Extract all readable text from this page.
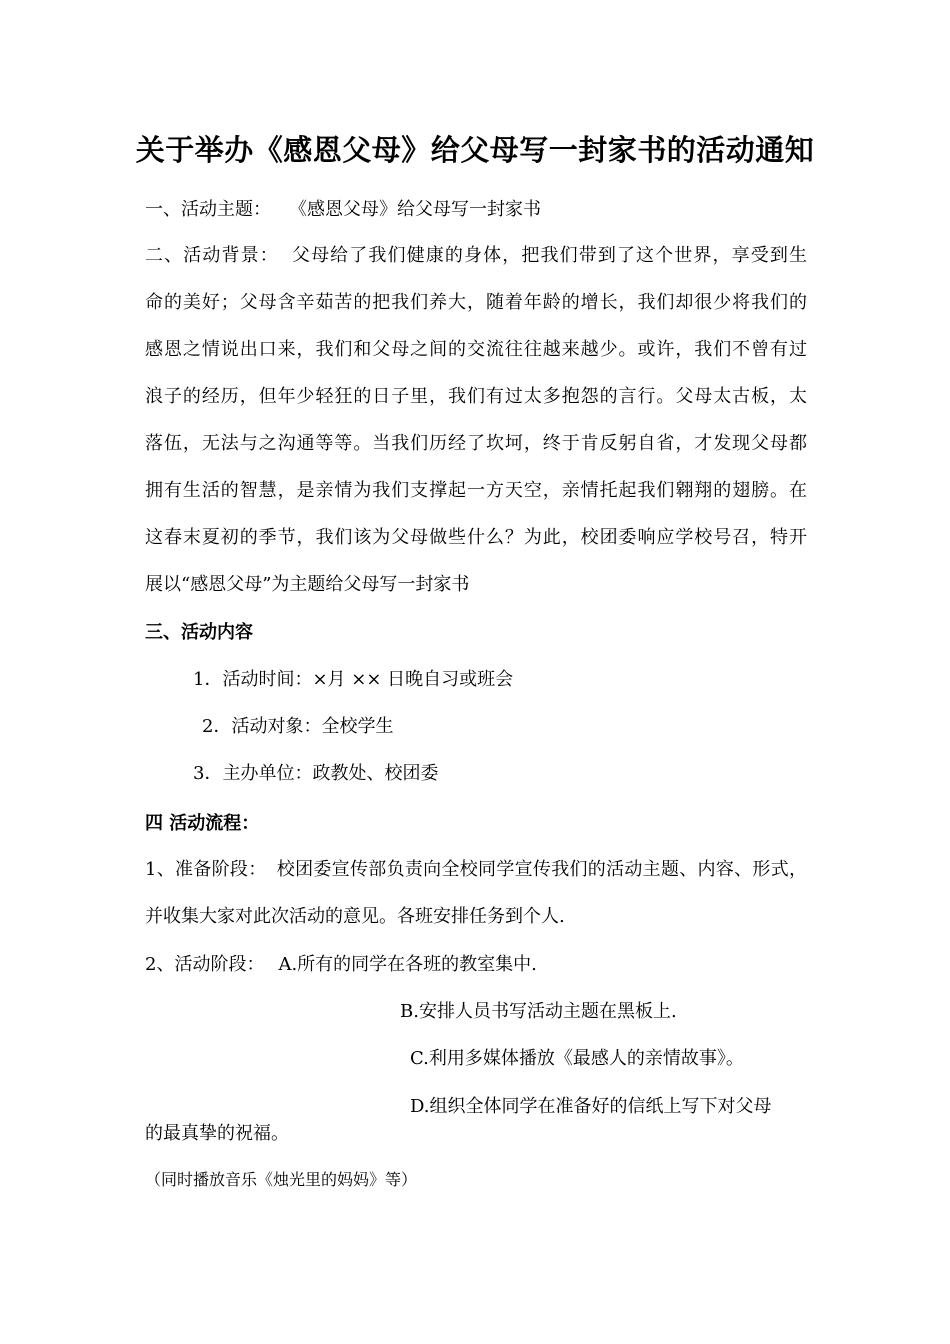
关于举办《感恩父母》给父母写一封家书的活动通知
一、活动主题： 《感恩父母》给父母写一封家书
二、活动背景： 父母给了我们健康的身体，把我们带到了这个世界，享受到生
命的美好；父母含辛茹苦的把我们养大，随着年龄的增长，我们却很少将我们的
感恩之情说出口来，我们和父母之间的交流往往越来越少。或许，我们不曾有过
浪子的经历，但年少轻狂的日子里，我们有过太多抱怨的言行。父母太古板，太
落伍，无法与之沟通等等。当我们历经了坎坷，终于肯反躬自省，才发现父母都
拥有生活的智慧，是亲情为我们支撑起一方天空，亲情托起我们翱翔的翅膀。在
这春末夏初的季节，我们该为父母做些什么？为此，校团委响应学校号召，特开
展以“感恩父母”为主题给父母写一封家书
三、活动内容
1．活动时间：×月 ×× 日晚自习或班会
2．活动对象：全校学生
3．主办单位：政教处、校团委
四 活动流程：
1、准备阶段： 校团委宣传部负责向全校同学宣传我们的活动主题、内容、形式，
并收集大家对此次活动的意见。各班安排任务到个人.
2、活动阶段： A.所有的同学在各班的教室集中.
B.安排人员书写活动主题在黑板上.
C.利用多媒体播放《最感人的亲情故事》。
D.组织全体同学在准备好的信纸上写下对父母
的最真挚的祝福。
（同时播放音乐《烛光里的妈妈》等）
